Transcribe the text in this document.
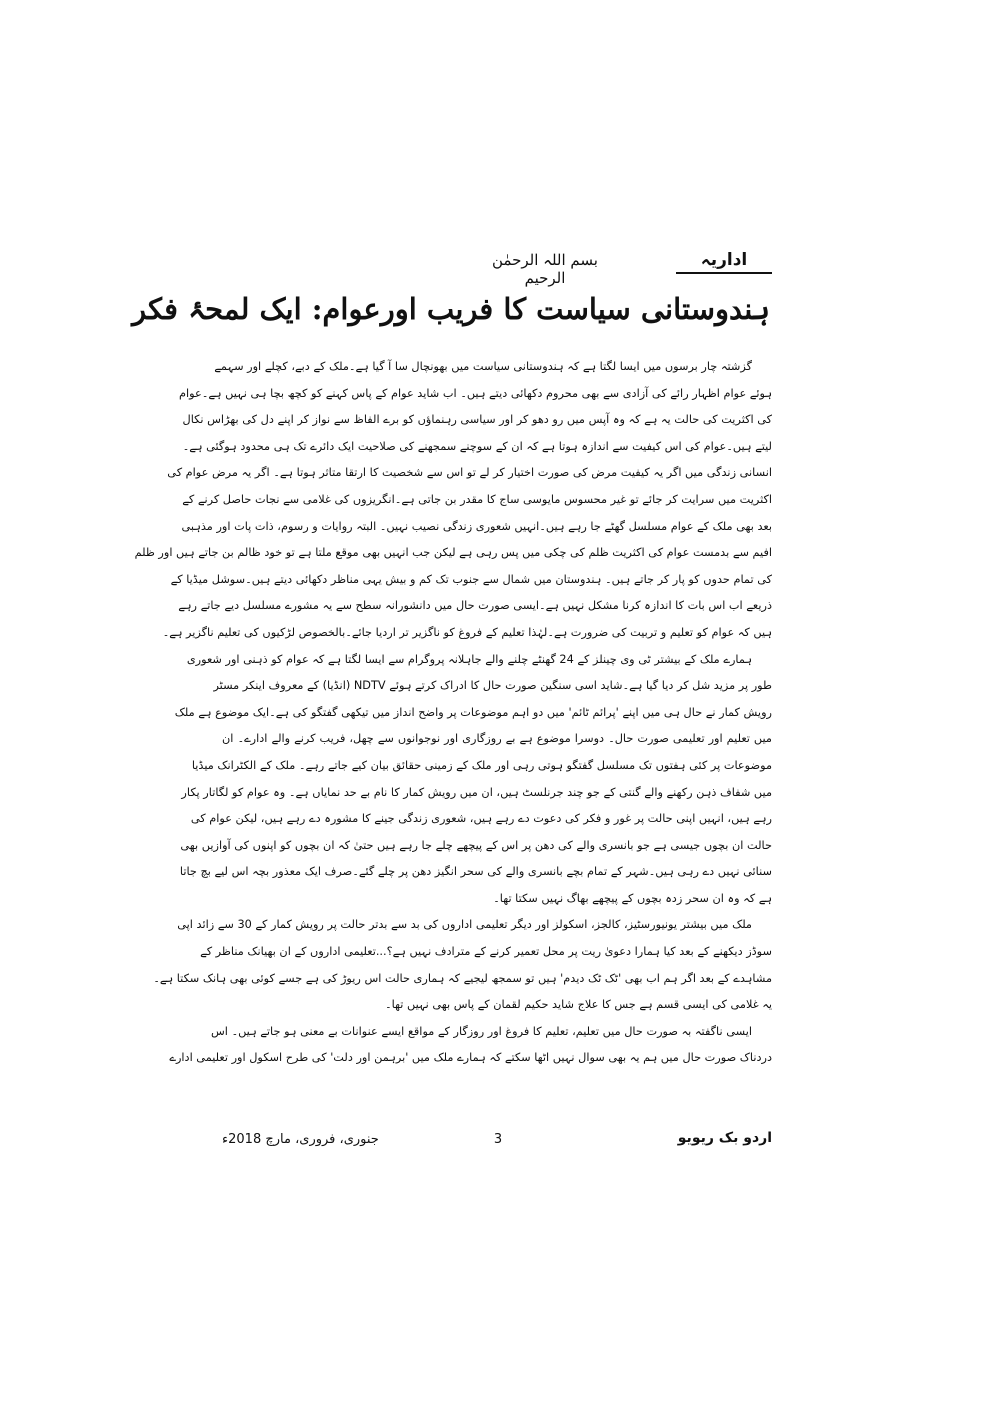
اداریہ
بسم اللہ الرحمٰن الرحیم
ہندوستانی سیاست کا فریب اورعوام: ایک لمحۂ فکر
گزشتہ چار برسوں میں ایسا لگتا ہے کہ ہندوستانی سیاست میں بھونچال سا آ گیا ہے۔ملک کے دبے، کچلے اور سہمے
ہوئے عوام اظہار رائے کی آزادی سے بھی محروم دکھائی دیتے ہیں۔ اب شاید عوام کے پاس کہنے کو کچھ بچا ہی نہیں ہے۔عوام
کی اکثریت کی حالت یہ ہے کہ وہ آپس میں رو دھو کر اور سیاسی رہنماؤں کو برے الفاظ سے نواز کر اپنے دل کی بھڑاس نکال
لیتے ہیں۔عوام کی اس کیفیت سے اندازہ ہوتا ہے کہ ان کے سوچنے سمجھنے کی صلاحیت ایک دائرے تک ہی محدود ہوگئی ہے۔
انسانی زندگی میں اگر یہ کیفیت مرض کی صورت اختیار کر لے تو اس سے شخصیت کا ارتقا متاثر ہوتا ہے۔ اگر یہ مرض عوام کی
اکثریت میں سرایت کر جائے تو غیر محسوس مایوسی ساج کا مقدر بن جاتی ہے۔انگریزوں کی غلامی سے نجات حاصل کرنے کے
بعد بھی ملک کے عوام مسلسل گھٹے جا رہے ہیں۔انہیں شعوری زندگی نصیب نہیں۔ البتہ روایات و رسوم، ذات پات اور مذہبی
افیم سے بدمست عوام کی اکثریت ظلم کی چکی میں پس رہی ہے لیکن جب انہیں بھی موقع ملتا ہے تو خود ظالم بن جاتے ہیں اور ظلم
کی تمام حدوں کو پار کر جاتے ہیں۔ ہندوستان میں شمال سے جنوب تک کم و بیش یہی مناظر دکھائی دیتے ہیں۔سوشل میڈیا کے
ذریعے اب اس بات کا اندازہ کرنا مشکل نہیں ہے۔ایسی صورت حال میں دانشورانہ سطح سے یہ مشورے مسلسل دیے جاتے رہے
ہیں کہ عوام کو تعلیم و تربیت کی ضرورت ہے۔لہٰذا تعلیم کے فروغ کو ناگزیر تر اردیا جائے۔بالخصوص لڑکیوں کی تعلیم ناگزیر ہے۔
ہمارے ملک کے بیشتر ٹی وی چینلز کے 24 گھنٹے چلنے والے جاہلانہ پروگرام سے ایسا لگتا ہے کہ عوام کو ذہنی اور شعوری
طور پر مزید شل کر دیا گیا ہے۔شاید اسی سنگین صورت حال کا ادراک کرتے ہوئے NDTV (انڈیا) کے معروف اینکر مسٹر
رویش کمار نے حال ہی میں اپنے 'پرائم ٹائم' میں دو اہم موضوعات پر واضح انداز میں تیکھی گفتگو کی ہے۔ایک موضوع ہے ملک
میں تعلیم اور تعلیمی صورت حال۔ دوسرا موضوع ہے بے روزگاری اور نوجوانوں سے چھل، فریب کرنے والے ادارے۔ ان
موضوعات پر کئی ہفتوں تک مسلسل گفتگو ہوتی رہی اور ملک کے زمینی حقائق بیان کیے جاتے رہے۔ ملک کے الکٹرانک میڈیا
میں شفاف ذہن رکھنے والے گنتی کے جو چند جرنلسٹ ہیں، ان میں رویش کمار کا نام بے حد نمایاں ہے۔ وہ عوام کو لگاتار پکار
رہے ہیں، انہیں اپنی حالت پر غور و فکر کی دعوت دے رہے ہیں، شعوری زندگی جینے کا مشورہ دے رہے ہیں، لیکن عوام کی
حالت ان بچوں جیسی ہے جو بانسری والے کی دھن پر اس کے پیچھے چلے جا رہے ہیں حتیٰ کہ ان بچوں کو اپنوں کی آوازیں بھی
سنائی نہیں دے رہی ہیں۔شہر کے تمام بچے بانسری والے کی سحر انگیز دھن پر چلے گئے۔صرف ایک معذور بچہ اس لیے بچ جاتا
ہے کہ وہ ان سحر زدہ بچوں کے پیچھے بھاگ نہیں سکتا تھا۔
ملک میں بیشتر یونیورسٹیز، کالجز، اسکولز اور دیگر تعلیمی اداروں کی بد سے بدتر حالت پر رویش کمار کے 30 سے زائد اپی
سوڈز دیکھنے کے بعد کیا ہمارا دعویٰ ریت پر محل تعمیر کرنے کے مترادف نہیں ہے؟...تعلیمی اداروں کے ان بھیانک مناظر کے
مشاہدے کے بعد اگر ہم اب بھی 'ٹک ٹک دیدم' ہیں تو سمجھ لیجیے کہ ہماری حالت اس ریوڑ کی ہے جسے کوئی بھی ہانک سکتا ہے۔
یہ غلامی کی ایسی قسم ہے جس کا علاج شاید حکیم لقمان کے پاس بھی نہیں تھا۔
ایسی ناگفتہ بہ صورت حال میں تعلیم، تعلیم کا فروغ اور روزگار کے مواقع ایسے عنوانات بے معنی ہو جاتے ہیں۔ اس
دردناک صورت حال میں ہم یہ بھی سوال نہیں اٹھا سکتے کہ ہمارے ملک میں 'برہمن اور دلت' کی طرح اسکول اور تعلیمی ادارے
جنوری، فروری، مارچ 2018ء	3	اردو بک ریویو
